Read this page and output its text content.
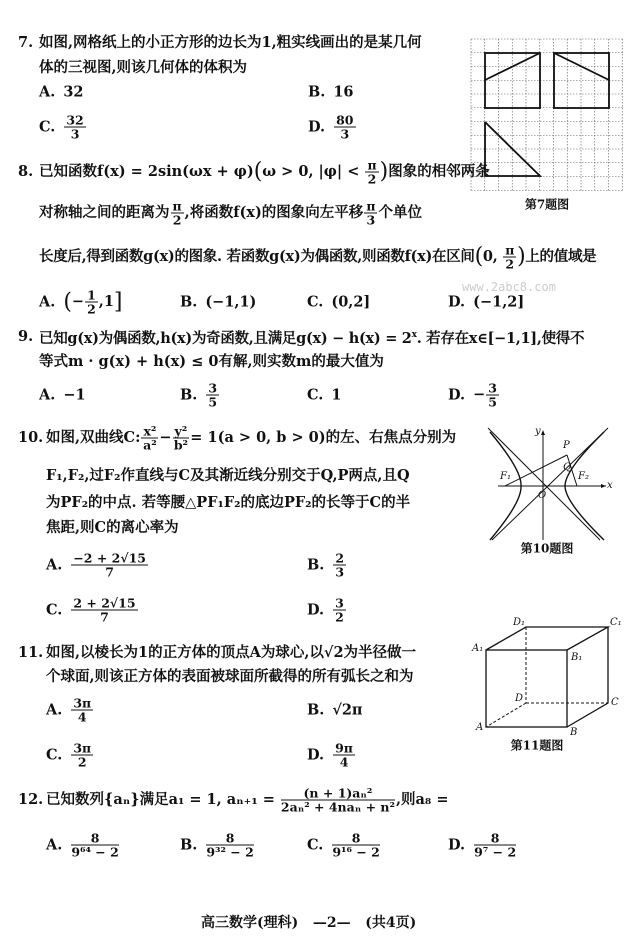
第7题图
y
x
P
Q
F₁	F₂
O
第10题图
A	B
C
D
A₁
B₁
C₁
D₁
第11题图
www.2abc8.com
7. 如图,网格纸上的小正方形的边长为1,粗实线画出的是某几何
体的三视图,则该几何体的体积为
A. 32	B. 16
C. $\frac{32}{3}$	D. $\frac{80}{3}$
8. 已知函数f(x) = 2sin(ωx + φ)(ω > 0, $|\varphi| < \frac{\pi}{2}$ )图象的相邻两条
对称轴之间的距离为 $\frac{\pi}{2}$ ,将函数f(x)的图象向左平移 $\frac{\pi}{3}$ 个单位
长度后,得到函数g(x)的图象. 若函数g(x)为偶函数,则函数f(x)在区间(0, $\frac{\pi}{2}$ )上的值域是
A. (− $\frac{1}{2} ,1$]	B. (−1,1)	C. (0,2]	D. (−1,2]
9. 已知g(x)为偶函数,h(x)为奇函数,且满足$g(x) - h(x) = 2^x$. 若存在x∈[−1,1],使得不
等式m · g(x) + h(x) ≤ 0有解,则实数m的最大值为
A. −1	B. $\frac{3}{5}$	C. 1	D. − $\frac{3}{5}$
10. 如图,双曲线C: $\frac{\text{x²}}{\text{a²}} - \frac{\text{y²}}{\text{b²}} = 1(a > 0$, b > 0)的左、右焦点分别为
F₁,F₂,过F₂作直线与C及其渐近线分别交于Q,P两点,且Q
为PF₂的中点. 若等腰△PF₁F₂的底边PF₂的长等于C的半
焦距,则C的离心率为
A. $\frac{-2 + 2√15}{7}$	B. $\frac{2}{3}$
C. $\frac{2 + 2√15}{7}$	D. $\frac{3}{2}$
11. 如图,以棱长为1的正方体的顶点A为球心,以√2为半径做一
个球面,则该正方体的表面被球面所截得的所有弧长之和为
A. $\frac{3\pi}{4}$	B. √2π
C. $\frac{3\pi}{2}$	D. $\frac{9\pi}{4}$
12. 已知数列{aₙ}满足a₁ = 1, $a_{n+1} = \frac{\text{(n + 1)aₙ²}}{\text{2aₙ² + 4naₙ + n²}}$ ,则a₈ =
A. $\frac{8}{\text{9⁶⁴ − 2}}$	B. $\frac{8}{\text{9³² − 2}}$	C. $\frac{8}{\text{9¹⁶ − 2}}$	D. $\frac{8}{\text{9⁷ − 2}}$
高三数学(理科)   —2—   (共4页)
